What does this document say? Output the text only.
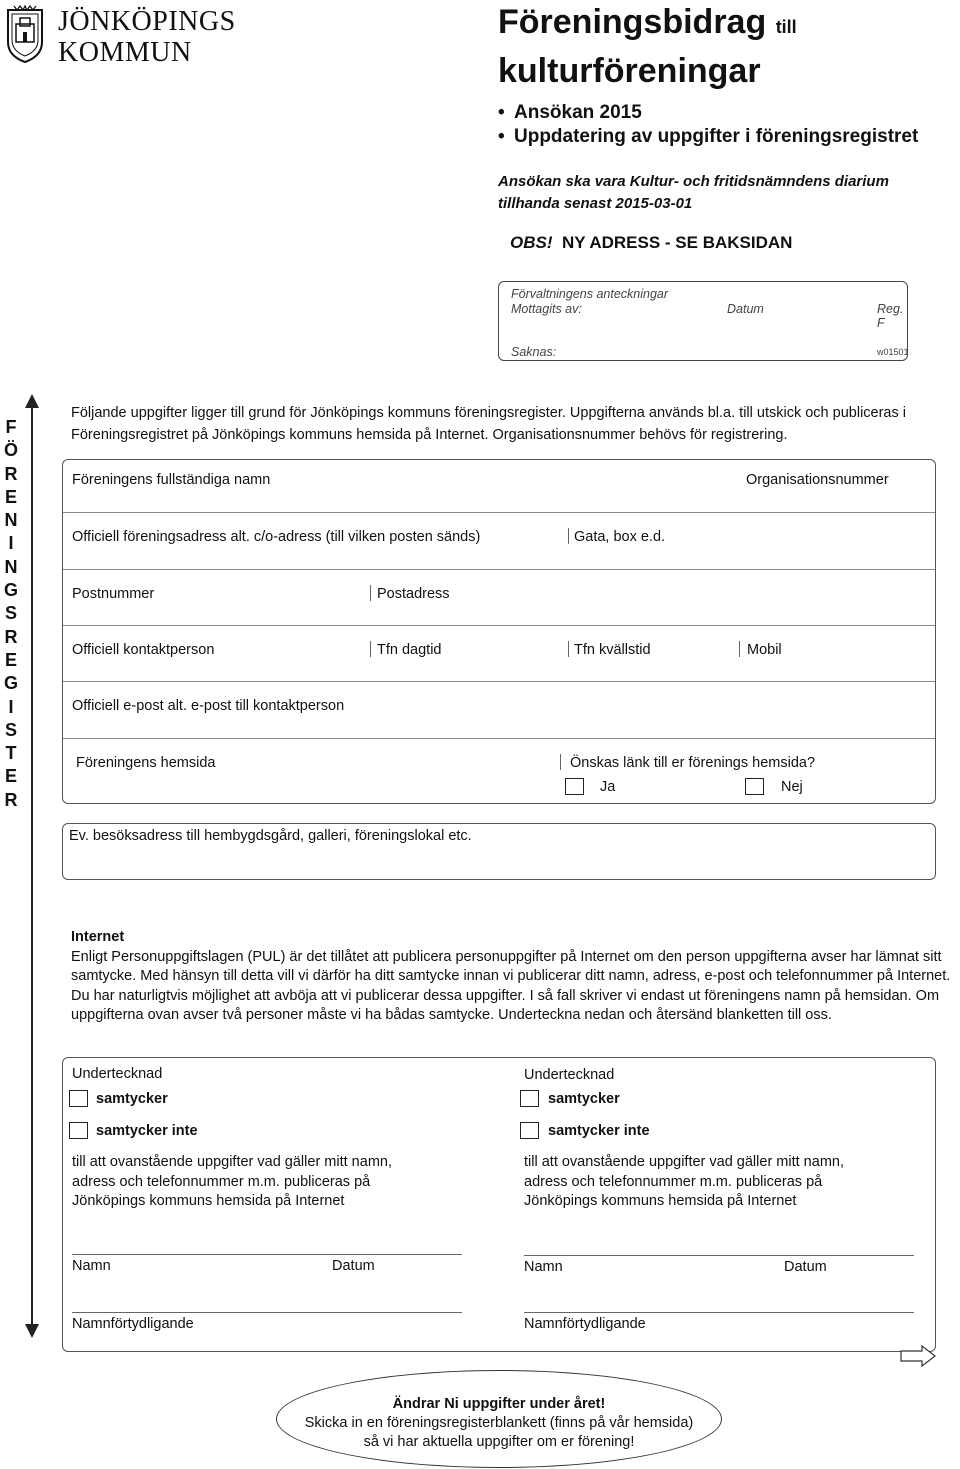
JÖNKÖPINGS
KOMMUN
Föreningsbidrag till
kulturföreningar
• Ansökan 2015
• Uppdatering av uppgifter i föreningsregistret
Ansökan ska vara Kultur- och fritidsnämndens diarium
tillhanda senast 2015-03-01
OBS! NY ADRESS - SE BAKSIDAN
Förvaltningens anteckningar
Mottagits av:	Datum	Reg. F
Saknas:	w01501
F
Ö
R
E
N
I
N
G
S
R
E
G
I
S
T
E
R
Följande uppgifter ligger till grund för Jönköpings kommuns föreningsregister. Uppgifterna används bl.a. till utskick och publiceras i Föreningsregistret på Jönköpings kommuns hemsida på Internet. Organisationsnummer behövs för registrering.
Föreningens fullständiga namn	Organisationsnummer
Officiell föreningsadress alt. c/o-adress (till vilken posten sänds)	Gata, box e.d.
Postnummer	Postadress
Officiell kontaktperson	Tfn dagtid	Tfn kvällstid	Mobil
Officiell e-post alt. e-post till kontaktperson
Föreningens hemsida	Önskas länk till er förenings hemsida?
Ja	Nej
Ev. besöksadress till hembygdsgård, galleri, föreningslokal etc.
Internet
Enligt Personuppgiftslagen (PUL) är det tillåtet att publicera personuppgifter på Internet om den person uppgifterna avser har lämnat sitt samtycke. Med hänsyn till detta vill vi därför ha ditt samtycke innan vi publicerar ditt namn, adress, e-post och telefonnummer på Internet. Du har naturligtvis möjlighet att avböja att vi publicerar dessa uppgifter. I så fall skriver vi endast ut föreningens namn på hemsidan. Om uppgifterna ovan avser två personer måste vi ha bådas samtycke. Underteckna nedan och återsänd blanketten till oss.
Undertecknad
samtycker
samtycker inte
till att ovanstående uppgifter vad gäller mitt namn,
adress och telefonnummer m.m. publiceras på
Jönköpings kommuns hemsida på Internet
Namn	Datum
Namnförtydligande
Undertecknad
samtycker
samtycker inte
till att ovanstående uppgifter vad gäller mitt namn,
adress och telefonnummer m.m. publiceras på
Jönköpings kommuns hemsida på Internet
Namn	Datum
Namnförtydligande
Ändrar Ni uppgifter under året!
Skicka in en föreningsregisterblankett (finns på vår hemsida)
så vi har aktuella uppgifter om er förening!
